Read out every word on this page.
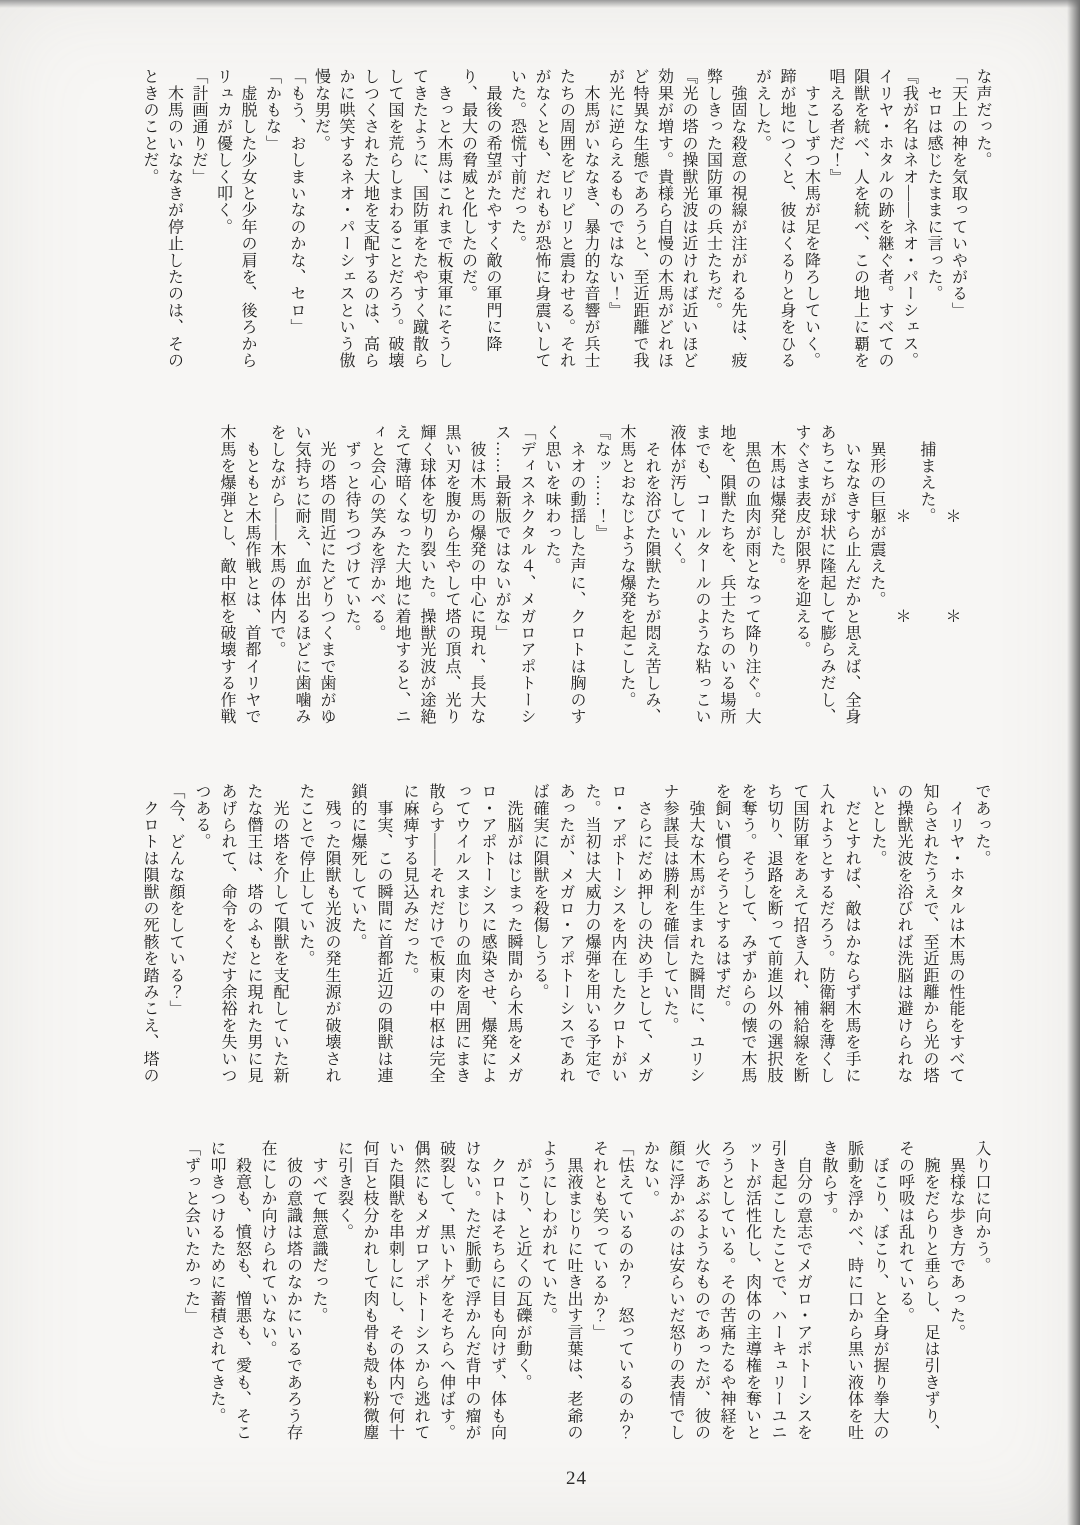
な声だった。

「天上の神を気取っていやがる」

　セロは感じたままに言った。

『我が名はネオ――ネオ・パーシェス。イリヤ・ホタルの跡を継ぐ者。すべての隕獣を統べ、人を統べ、この地上に覇を唱える者だ！』

　すこしずつ木馬が足を降ろしていく。蹄が地につくと、彼はくるりと身をひるがえした。

　強固な殺意の視線が注がれる先は、疲弊しきった国防軍の兵士たちだ。

『光の塔の操獣光波は近ければ近いほど効果が増す。貴様ら自慢の木馬がどれほど特異な生態であろうと、至近距離で我が光に逆らえるものではない！』

　木馬がいななき、暴力的な音響が兵士たちの周囲をビリビリと震わせる。それがなくとも、だれもが恐怖に身震いしていた。恐慌寸前だった。

　最後の希望がたやすく敵の軍門に降り、最大の脅威と化したのだ。

　きっと木馬はこれまで板東軍にそうしてきたように、国防軍をたやすく蹴散らして国を荒らしまわることだろう。破壊しつくされた大地を支配するのは、高らかに哄笑するネオ・パーシェスという傲慢な男だ。

「もう、おしまいなのかな、セロ」

「かもな」

　虚脱した少女と少年の肩を、後ろからリュカが優しく叩く。

「計画通りだ」

　木馬のいななきが停止したのは、そのときのことだ。

　　　　　＊　　　　　＊

　捕まえた。

　　　　　＊　　　　　＊

　異形の巨躯が震えた。

　いななきすら止んだかと思えば、全身あちこちが球状に隆起して膨らみだし、すぐさま表皮が限界を迎える。

　木馬は爆発した。

　黒色の血肉が雨となって降り注ぐ。大地を、隕獣たちを、兵士たちのいる場所までも、コールタールのような粘っこい液体が汚していく。

　それを浴びた隕獣たちが悶え苦しみ、木馬とおなじような爆発を起こした。

『なッ……！』

　ネオの動揺した声に、クロトは胸のすく思いを味わった。

「ディスネクタル４、メガロアポトーシス……最新版ではないがな」

　彼は木馬の爆発の中心に現れ、長大な黒い刃を腹から生やして塔の頂点、光り輝く球体を切り裂いた。操獣光波が途絶えて薄暗くなった大地に着地すると、ニィと会心の笑みを浮かべる。

　ずっと待ちつづけていた。

　光の塔の間近にたどりつくまで歯がゆい気持ちに耐え、血が出るほどに歯噛みをしながら――木馬の体内で。

　もともと木馬作戦とは、首都イリヤで木馬を爆弾とし、敵中枢を破壊する作戦

であった。

　イリヤ・ホタルは木馬の性能をすべて知らされたうえで、至近距離から光の塔の操獣光波を浴びれば洗脳は避けられないとした。

　だとすれば、敵はかならず木馬を手に入れようとするだろう。防衛網を薄くして国防軍をあえて招き入れ、補給線を断ち切り、退路を断って前進以外の選択肢を奪う。そうして、みずからの懐で木馬を飼い慣らそうとするはずだ。

　強大な木馬が生まれた瞬間に、ユリシナ参謀長は勝利を確信していた。

　さらにだめ押しの決め手として、メガロ・アポトーシスを内在したクロトがいた。当初は大威力の爆弾を用いる予定であったが、メガロ・アポトーシスであれば確実に隕獣を殺傷しうる。

　洗脳がはじまった瞬間から木馬をメガロ・アポトーシスに感染させ、爆発によってウイルスまじりの血肉を周囲にまき散らす――それだけで板東の中枢は完全に麻痺する見込みだった。

　事実、この瞬間に首都近辺の隕獣は連鎖的に爆死していた。

　残った隕獣も光波の発生源が破壊されたことで停止していた。

　光の塔を介して隕獣を支配していた新たな僭王は、塔のふもとに現れた男に見あげられて、命令をくだす余裕を失いつつある。

「今、どんな顔をしている？」

　クロトは隕獣の死骸を踏みこえ、塔の

入り口に向かう。

　異様な歩き方であった。

　腕をだらりと垂らし、足は引きずり、その呼吸は乱れている。

　ぼこり、ぼこり、と全身が握り拳大の脈動を浮かべ、時に口から黒い液体を吐き散らす。

　自分の意志でメガロ・アポトーシスを引き起こしたことで、ハーキュリーユニットが活性化し、肉体の主導権を奪いとろうとしている。その苦痛たるや神経を火であぶるようなものであったが、彼の顔に浮かぶのは安らいだ怒りの表情でしかない。

「怯えているのか？　怒っているのか？それとも笑っているか？」

　黒液まじりに吐き出す言葉は、老爺のようにしわがれていた。

　がこり、と近くの瓦礫が動く。

　クロトはそちらに目も向けず、体も向けない。ただ脈動で浮かんだ背中の瘤が破裂して、黒いトゲをそちらへ伸ばす。

偶然にもメガロアポトーシスから逃れていた隕獣を串刺しにし、その体内で何十何百と枝分かれして肉も骨も殻も粉微塵に引き裂く。

　すべて無意識だった。

　彼の意識は塔のなかにいるであろう存在にしか向けられていない。

　殺意も、憤怒も、憎悪も、愛も、そこに叩きつけるために蓄積されてきた。

「ずっと会いたかった」

24
